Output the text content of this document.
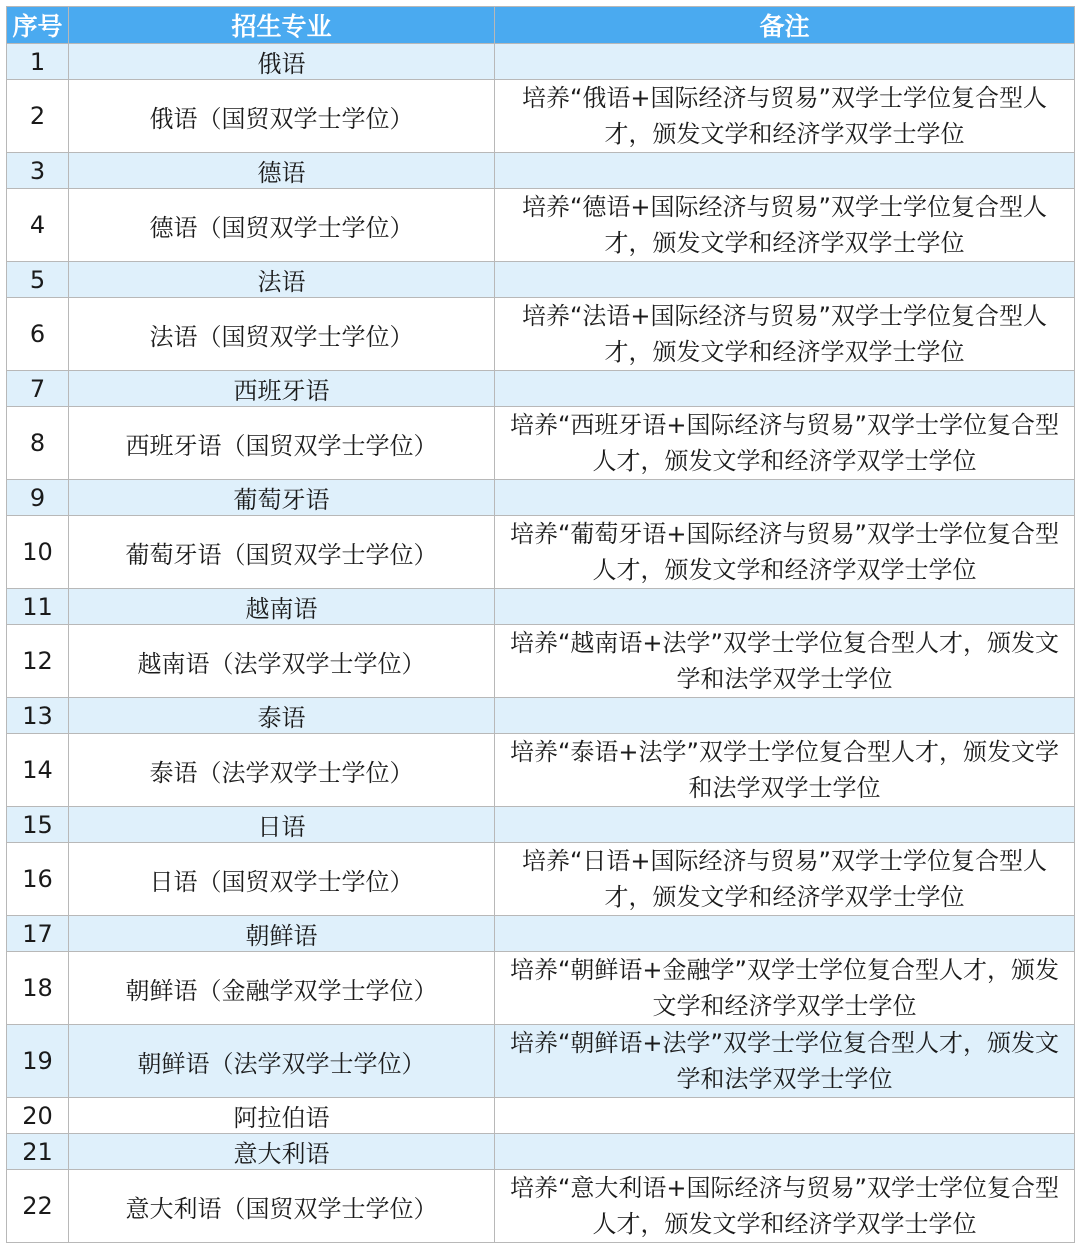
序号	招生专业	备注
1	俄语	
2	俄语（国贸双学士学位）	培养“俄语+国际经济与贸易”双学士学位复合型人才，颁发文学和经济学双学士学位
3	德语	
4	德语（国贸双学士学位）	培养“德语+国际经济与贸易”双学士学位复合型人才，颁发文学和经济学双学士学位
5	法语	
6	法语（国贸双学士学位）	培养“法语+国际经济与贸易”双学士学位复合型人才，颁发文学和经济学双学士学位
7	西班牙语	
8	西班牙语（国贸双学士学位）	培养“西班牙语+国际经济与贸易”双学士学位复合型人才，颁发文学和经济学双学士学位
9	葡萄牙语	
10	葡萄牙语（国贸双学士学位）	培养“葡萄牙语+国际经济与贸易”双学士学位复合型人才，颁发文学和经济学双学士学位
11	越南语	
12	越南语（法学双学士学位）	培养“越南语+法学”双学士学位复合型人才，颁发文学和法学双学士学位
13	泰语	
14	泰语（法学双学士学位）	培养“泰语+法学”双学士学位复合型人才，颁发文学和法学双学士学位
15	日语	
16	日语（国贸双学士学位）	培养“日语+国际经济与贸易”双学士学位复合型人才，颁发文学和经济学双学士学位
17	朝鲜语	
18	朝鲜语（金融学双学士学位）	培养“朝鲜语+金融学”双学士学位复合型人才，颁发文学和经济学双学士学位
19	朝鲜语（法学双学士学位）	培养“朝鲜语+法学”双学士学位复合型人才，颁发文学和法学双学士学位
20	阿拉伯语	
21	意大利语	
22	意大利语（国贸双学士学位）	培养“意大利语+国际经济与贸易”双学士学位复合型人才，颁发文学和经济学双学士学位
